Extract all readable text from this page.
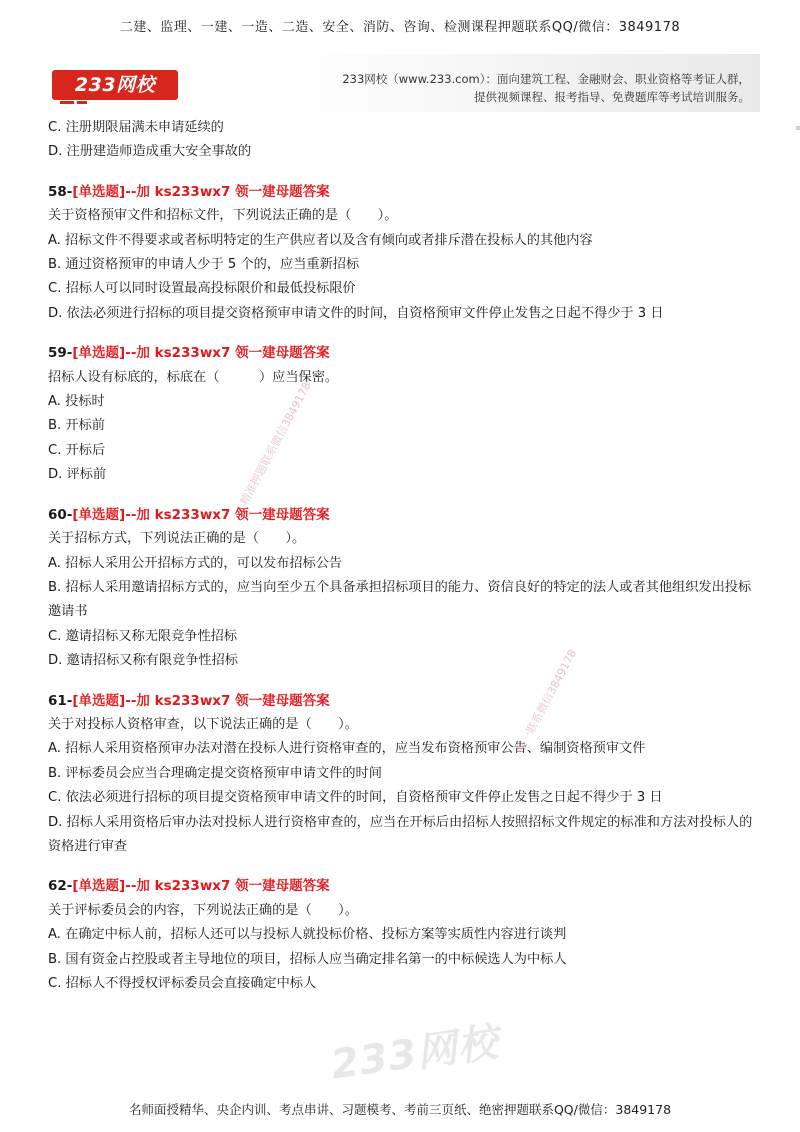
二建、监理、一建、一造、二造、安全、消防、咨询、检测课程押题联系QQ/微信：3849178
233网校	233网校（www.233.com）：面向建筑工程、金融财会、职业资格等考证人群，
提供视频课程、报考指导、免费题库等考试培训服务。

C. 注册期限届满未申请延续的

D. 注册建造师造成重大安全事故的

58-[单选题]--加 ks233wx7 领一建母题答案

关于资格预审文件和招标文件，下列说法正确的是（　　）。

A. 招标文件不得要求或者标明特定的生产供应者以及含有倾向或者排斥潜在投标人的其他内容

B. 通过资格预审的申请人少于 5 个的，应当重新招标

C. 招标人可以同时设置最高投标限价和最低投标限价

D. 依法必须进行招标的项目提交资格预审申请文件的时间，自资格预审文件停止发售之日起不得少于 3 日

59-[单选题]--加 ks233wx7 领一建母题答案

招标人设有标底的，标底在（　　　）应当保密。

A. 投标时

B. 开标前

C. 开标后

D. 评标前

60-[单选题]--加 ks233wx7 领一建母题答案

关于招标方式，下列说法正确的是（　　）。

A. 招标人采用公开招标方式的，可以发布招标公告

B. 招标人采用邀请招标方式的，应当向至少五个具备承担招标项目的能力、资信良好的特定的法人或者其他组织发出投标邀请书

C. 邀请招标又称无限竞争性招标

D. 邀请招标又称有限竞争性招标

61-[单选题]--加 ks233wx7 领一建母题答案

关于对投标人资格审查，以下说法正确的是（　　）。

A. 招标人采用资格预审办法对潜在投标人进行资格审查的，应当发布资格预审公告、编制资格预审文件

B. 评标委员会应当合理确定提交资格预审申请文件的时间

C. 依法必须进行招标的项目提交资格预审申请文件的时间，自资格预审文件停止发售之日起不得少于 3 日

D. 招标人采用资格后审办法对投标人进行资格审查的，应当在开标后由招标人按照招标文件规定的标准和方法对投标人的资格进行审查

62-[单选题]--加 ks233wx7 领一建母题答案

关于评标委员会的内容，下列说法正确的是（　　）。

A. 在确定中标人前，招标人还可以与投标人就投标价格、投标方案等实质性内容进行谈判

B. 国有资金占控股或者主导地位的项目，招标人应当确定排名第一的中标候选人为中标人

C. 招标人不得授权评标委员会直接确定中标人

精准押题联系微信3849178
唯一联系微信3849178
233网校
名师面授精华、央企内训、考点串讲、习题模考、考前三页纸、绝密押题联系QQ/微信：3849178
